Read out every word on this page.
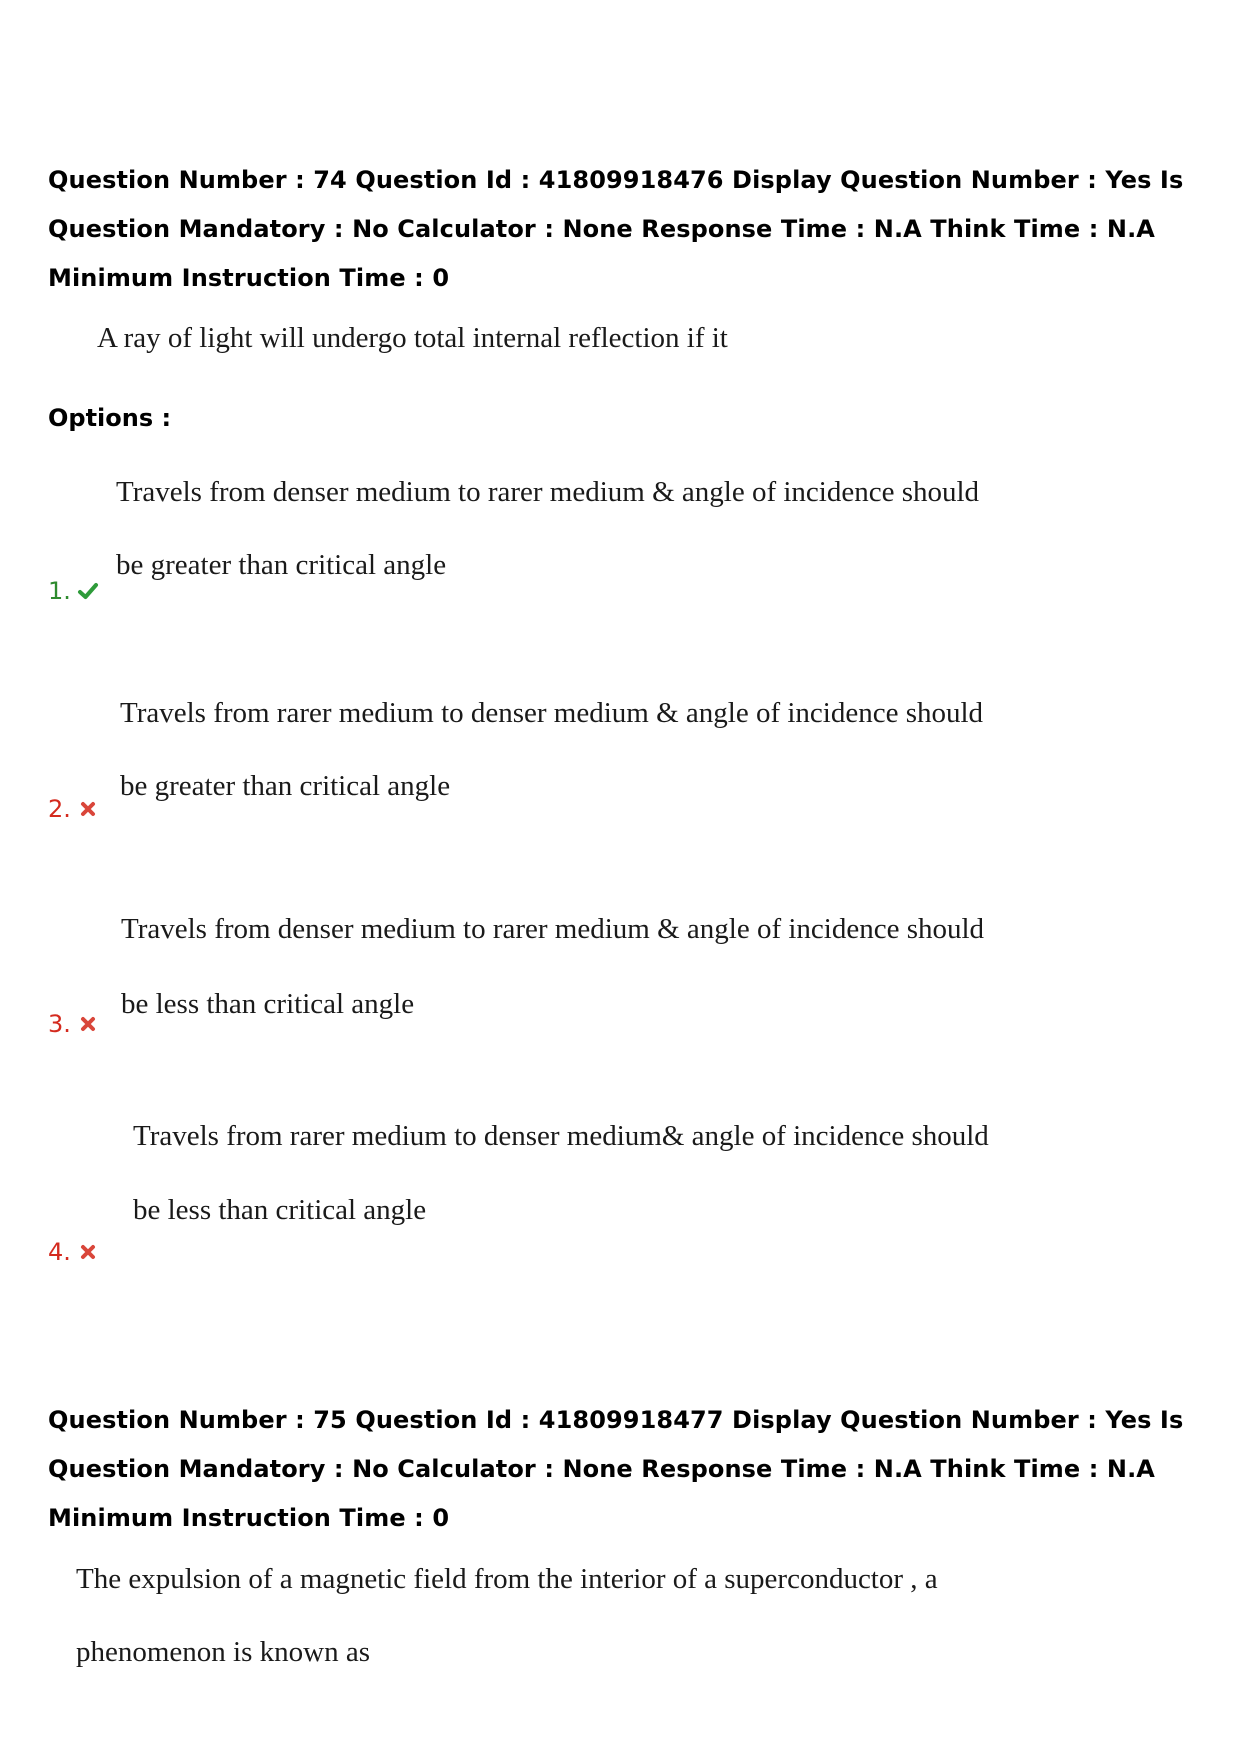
Question Number : 74 Question Id : 41809918476 Display Question Number : Yes Is Question Mandatory : No Calculator : None Response Time : N.A Think Time : N.A Minimum Instruction Time : 0
A ray of light will undergo total internal reflection if it
Options :
Travels from denser medium to rarer medium & angle of incidence should
be greater than critical angle
1.
Travels from rarer medium to denser medium & angle of incidence should
be greater than critical angle
2.
Travels from denser medium to rarer medium & angle of incidence should
be less than critical angle
3.
Travels from rarer medium to denser medium& angle of incidence should
be less than critical angle
4.
Question Number : 75 Question Id : 41809918477 Display Question Number : Yes Is Question Mandatory : No Calculator : None Response Time : N.A Think Time : N.A Minimum Instruction Time : 0
The expulsion of a magnetic field from the interior of a superconductor , a
phenomenon is known as
